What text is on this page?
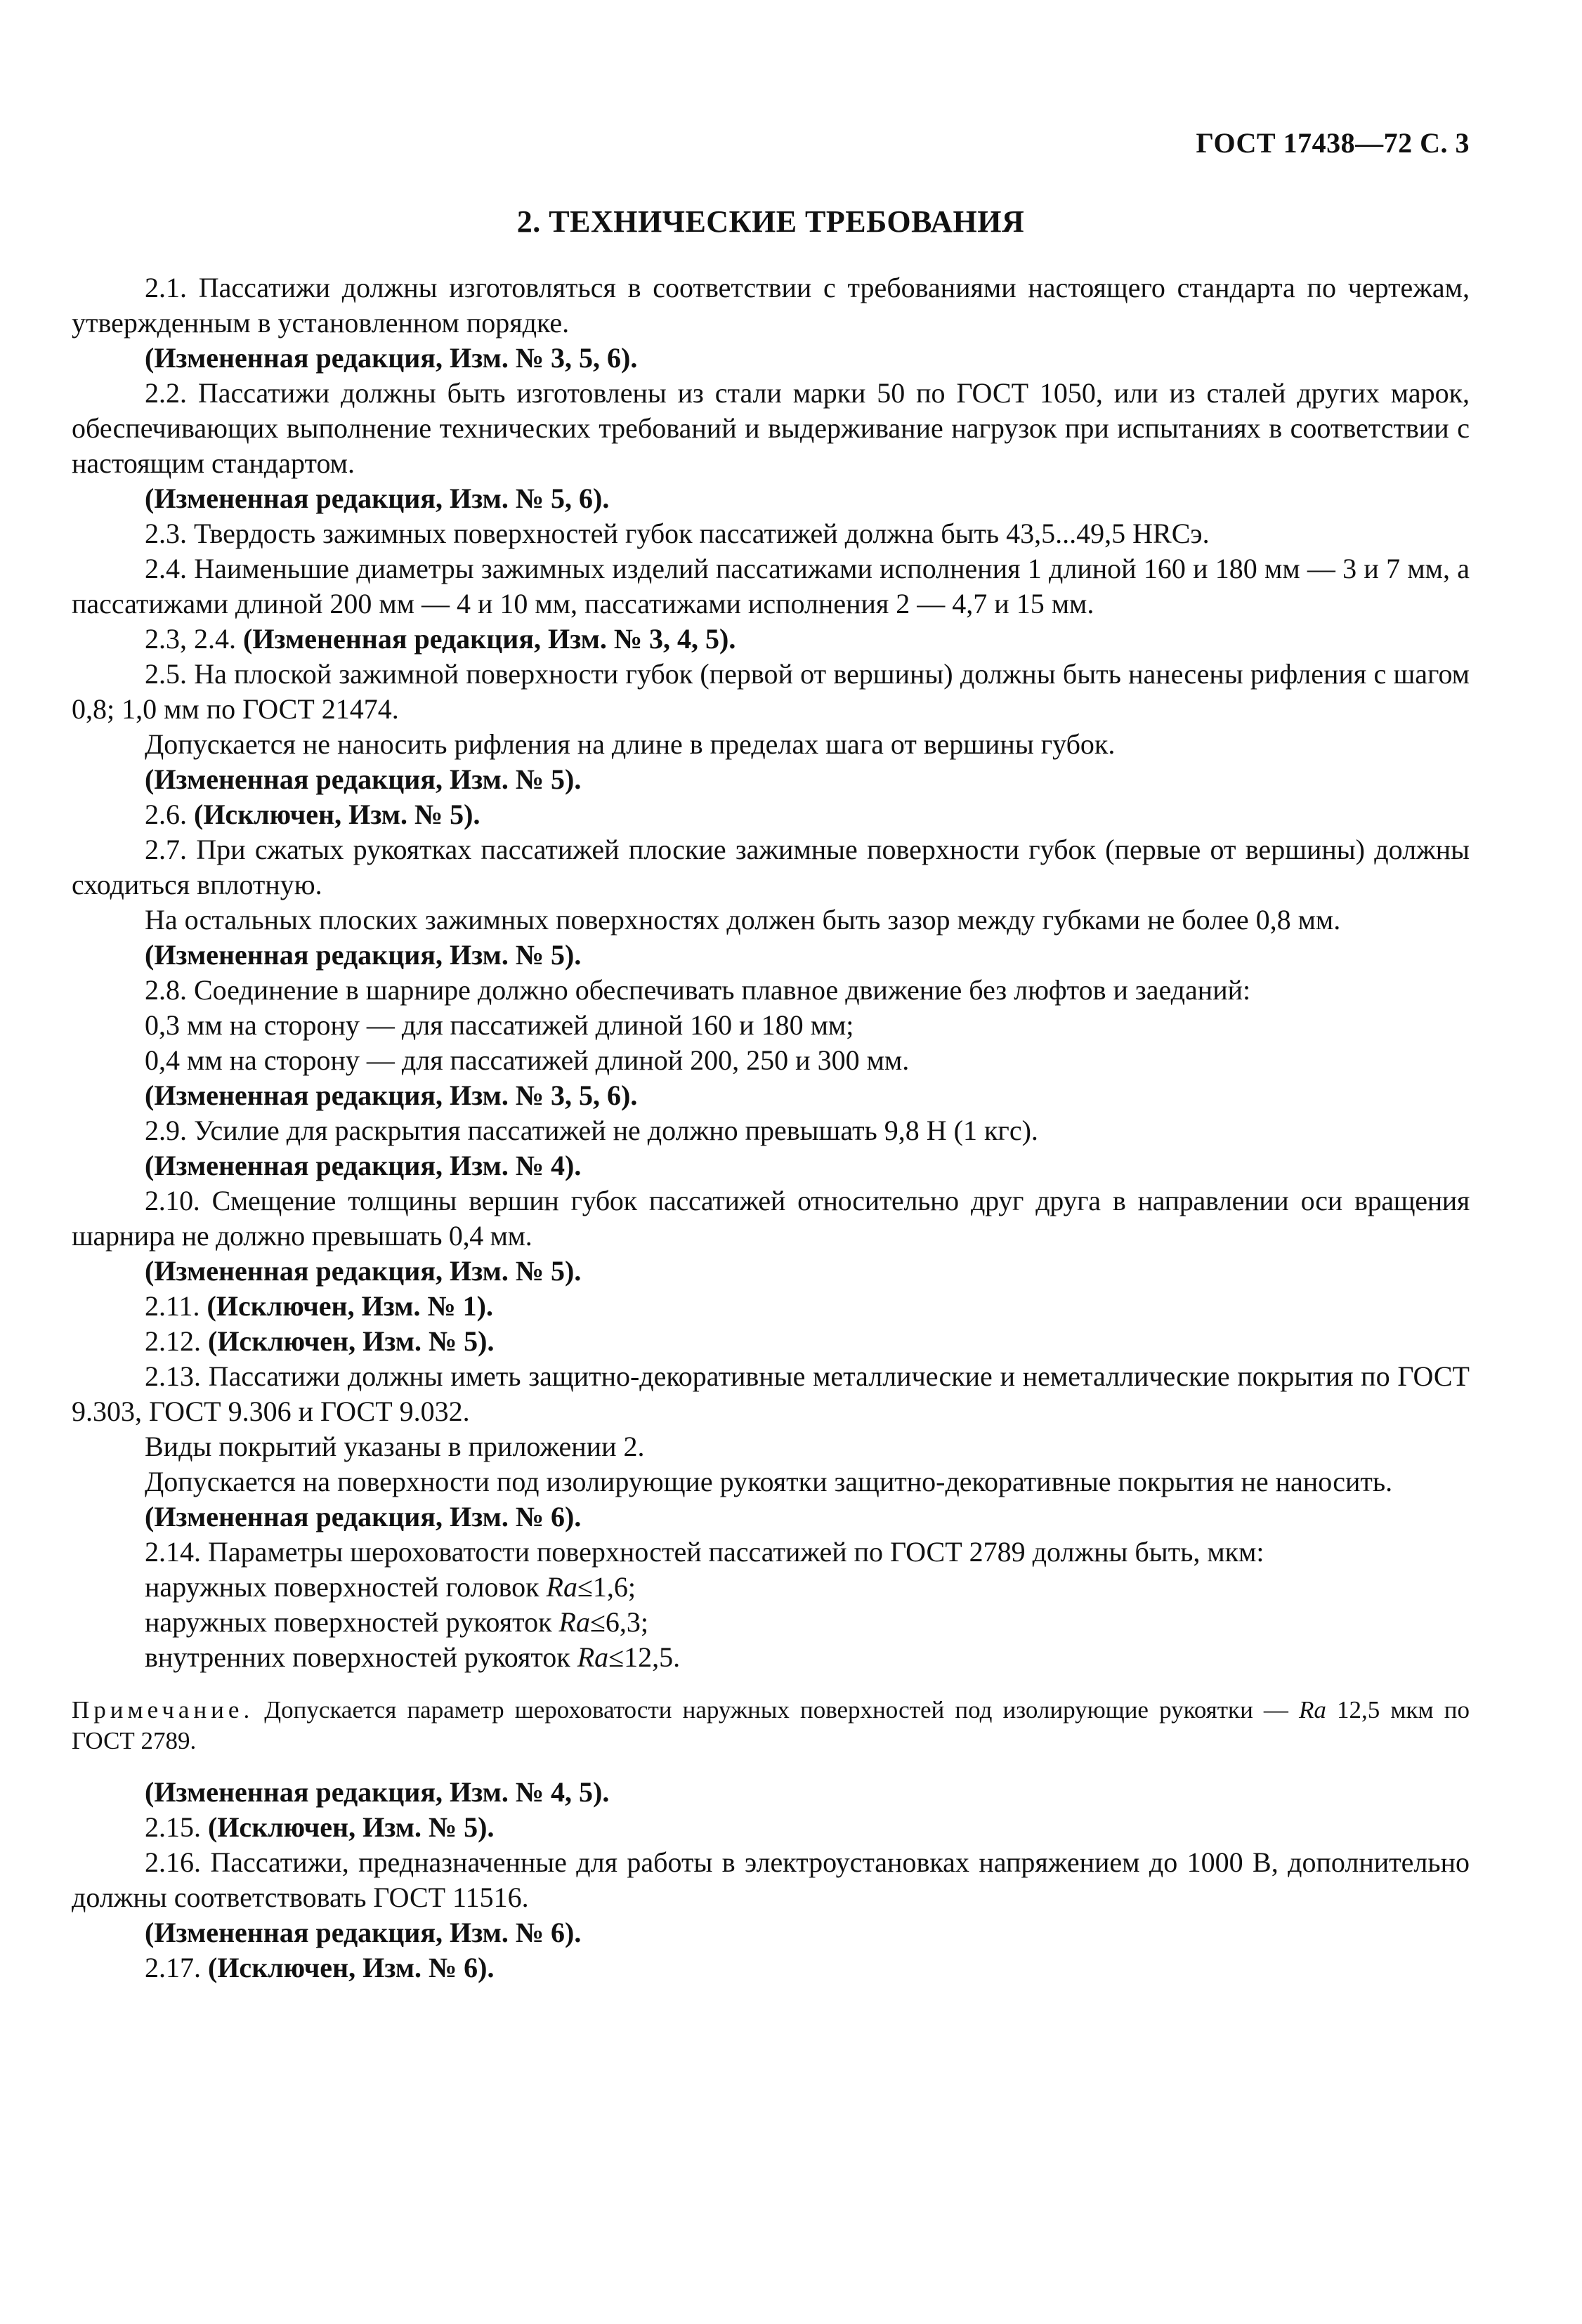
ГОСТ 17438—72 С. 3
2. ТЕХНИЧЕСКИЕ ТРЕБОВАНИЯ

2.1. Пассатижи должны изготовляться в соответствии с требованиями настоящего стандарта по чертежам, утвержденным в установленном порядке.

(Измененная редакция, Изм. № 3, 5, 6).

2.2. Пассатижи должны быть изготовлены из стали марки 50 по ГОСТ 1050, или из сталей других марок, обеспечивающих выполнение технических требований и выдерживание нагрузок при испытаниях в соответствии с настоящим стандартом.

(Измененная редакция, Изм. № 5, 6).

2.3. Твердость зажимных поверхностей губок пассатижей должна быть 43,5...49,5 HRCэ.

2.4. Наименьшие диаметры зажимных изделий пассатижами исполнения 1 длиной 160 и 180 мм — 3 и 7 мм, а пассатижами длиной 200 мм — 4 и 10 мм, пассатижами исполнения 2 — 4,7 и 15 мм.

2.3, 2.4. (Измененная редакция, Изм. № 3, 4, 5).

2.5. На плоской зажимной поверхности губок (первой от вершины) должны быть нанесены рифления с шагом 0,8; 1,0 мм по ГОСТ 21474.

Допускается не наносить рифления на длине в пределах шага от вершины губок.

(Измененная редакция, Изм. № 5).

2.6. (Исключен, Изм. № 5).

2.7. При сжатых рукоятках пассатижей плоские зажимные поверхности губок (первые от вершины) должны сходиться вплотную.

На остальных плоских зажимных поверхностях должен быть зазор между губками не более 0,8 мм.

(Измененная редакция, Изм. № 5).

2.8. Соединение в шарнире должно обеспечивать плавное движение без люфтов и заеданий:

0,3 мм на сторону — для пассатижей длиной 160 и 180 мм;

0,4 мм на сторону — для пассатижей длиной 200, 250 и 300 мм.

(Измененная редакция, Изм. № 3, 5, 6).

2.9. Усилие для раскрытия пассатижей не должно превышать 9,8 Н (1 кгс).

(Измененная редакция, Изм. № 4).

2.10. Смещение толщины вершин губок пассатижей относительно друг друга в направлении оси вращения шарнира не должно превышать 0,4 мм.

(Измененная редакция, Изм. № 5).

2.11. (Исключен, Изм. № 1).

2.12. (Исключен, Изм. № 5).

2.13. Пассатижи должны иметь защитно-декоративные металлические и неметаллические покрытия по ГОСТ 9.303, ГОСТ 9.306 и ГОСТ 9.032.

Виды покрытий указаны в приложении 2.

Допускается на поверхности под изолирующие рукоятки защитно-декоративные покрытия не наносить.

(Измененная редакция, Изм. № 6).

2.14. Параметры шероховатости поверхностей пассатижей по ГОСТ 2789 должны быть, мкм:

наружных поверхностей головок Ra≤1,6;

наружных поверхностей рукояток Ra≤6,3;

внутренних поверхностей рукояток Ra≤12,5.

Примечание. Допускается параметр шероховатости наружных поверхностей под изолирующие рукоятки — Ra 12,5 мкм по ГОСТ 2789.

(Измененная редакция, Изм. № 4, 5).

2.15. (Исключен, Изм. № 5).

2.16. Пассатижи, предназначенные для работы в электроустановках напряжением до 1000 В, дополнительно должны соответствовать ГОСТ 11516.

(Измененная редакция, Изм. № 6).

2.17. (Исключен, Изм. № 6).
